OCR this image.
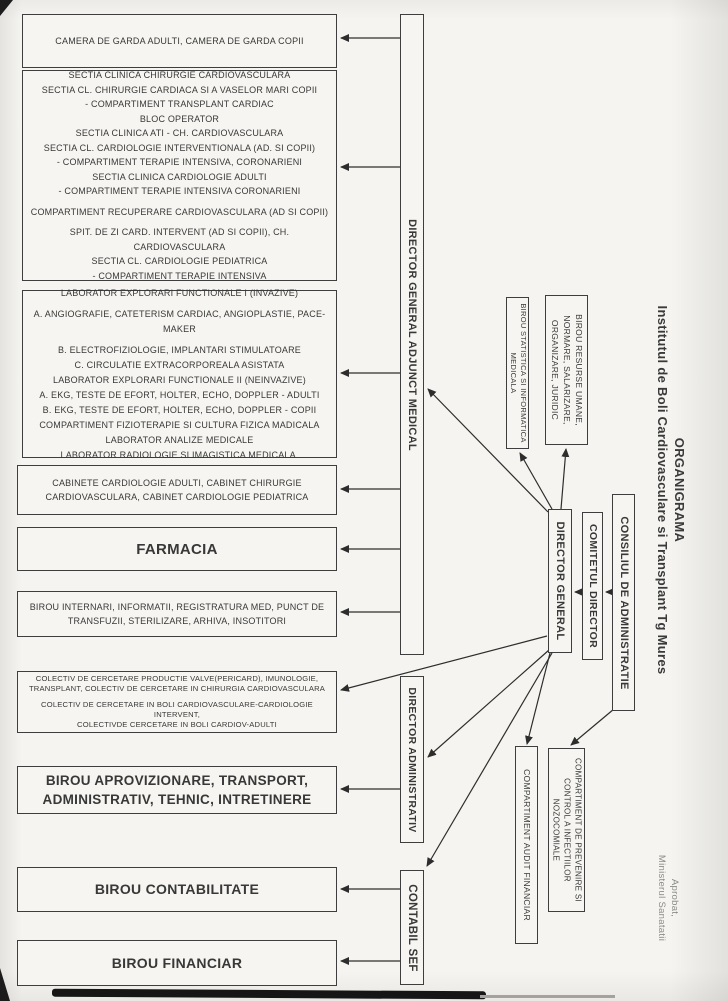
CAMERA DE GARDA ADULTI, CAMERA DE GARDA COPII
SECTIA CLINICA CHIRURGIE CARDIOVASCULARA
SECTIA CL. CHIRURGIE CARDIACA SI A VASELOR MARI COPII
- COMPARTIMENT TRANSPLANT CARDIAC
BLOC OPERATOR
SECTIA CLINICA ATI - CH. CARDIOVASCULARA
SECTIA CL. CARDIOLOGIE INTERVENTIONALA (AD. SI COPII)
- COMPARTIMENT TERAPIE INTENSIVA, CORONARIENI
SECTIA CLINICA CARDIOLOGIE ADULTI
- COMPARTIMENT TERAPIE INTENSIVA CORONARIENI
COMPARTIMENT RECUPERARE CARDIOVASCULARA (AD SI COPII)
SPIT. DE ZI CARD. INTERVENT (AD SI COPII), CH. CARDIOVASCULARA
SECTIA CL. CARDIOLOGIE PEDIATRICA
- COMPARTIMENT TERAPIE INTENSIVA
LABORATOR EXPLORARI FUNCTIONALE I (INVAZIVE)
A. ANGIOGRAFIE, CATETERISM CARDIAC, ANGIOPLASTIE, PACE-MAKER
B. ELECTROFIZIOLOGIE, IMPLANTARI STIMULATOARE
C. CIRCULATIE EXTRACORPOREALA ASISTATA
LABORATOR EXPLORARI FUNCTIONALE II (NEINVAZIVE)
A. EKG, TESTE DE EFORT, HOLTER, ECHO, DOPPLER - ADULTI
B. EKG, TESTE DE EFORT, HOLTER, ECHO, DOPPLER - COPII
COMPARTIMENT FIZIOTERAPIE SI CULTURA FIZICA MADICALA
LABORATOR ANALIZE MEDICALE
LABORATOR RADIOLOGIE SI IMAGISTICA MEDICALA.
CABINETE CARDIOLOGIE ADULTI, CABINET CHIRURGIE
CARDIOVASCULARA, CABINET CARDIOLOGIE PEDIATRICA
FARMACIA
BIROU INTERNARI, INFORMATII, REGISTRATURA MED, PUNCT DE
TRANSFUZII, STERILIZARE, ARHIVA, INSOTITORI
COLECTIV DE CERCETARE PRODUCTIE VALVE(PERICARD), IMUNOLOGIE,
TRANSPLANT, COLECTIV DE CERCETARE IN CHIRURGIA CARDIOVASCULARA
COLECTIV DE CERCETARE IN BOLI CARDIOVASCULARE-CARDIOLOGIE INTERVENT,
COLECTIVDE CERCETARE IN BOLI CARDIOV-ADULTI
BIROU APROVIZIONARE, TRANSPORT,
ADMINISTRATIV, TEHNIC, INTRETINERE
BIROU CONTABILITATE
BIROU FINANCIAR
DIRECTOR GENERAL ADJUNCT MEDICAL
DIRECTOR ADMINISTRATIV
CONTABIL SEF
BIROU STATISTICA SI INFORMATICA
MEDICALA	BIROU RESURSE UMANE,
NORMARE, SALARIZARE,
ORGANIZARE, JURIDIC
DIRECTOR GENERAL COMITETUL DIRECTOR CONSILIUL DE ADMINISTRATIE
COMPARTIMENT AUDIT FINANCIAR	COMPARTIMENT DE PREVENIRE SI
CONTROL A INFECTIILOR
NOZOCOMIALE
ORGANIGRAMA
Institutul de Boli Cardiovasculare si Transplant Tg Mures
Aprobat,
Ministerul Sanatatii
